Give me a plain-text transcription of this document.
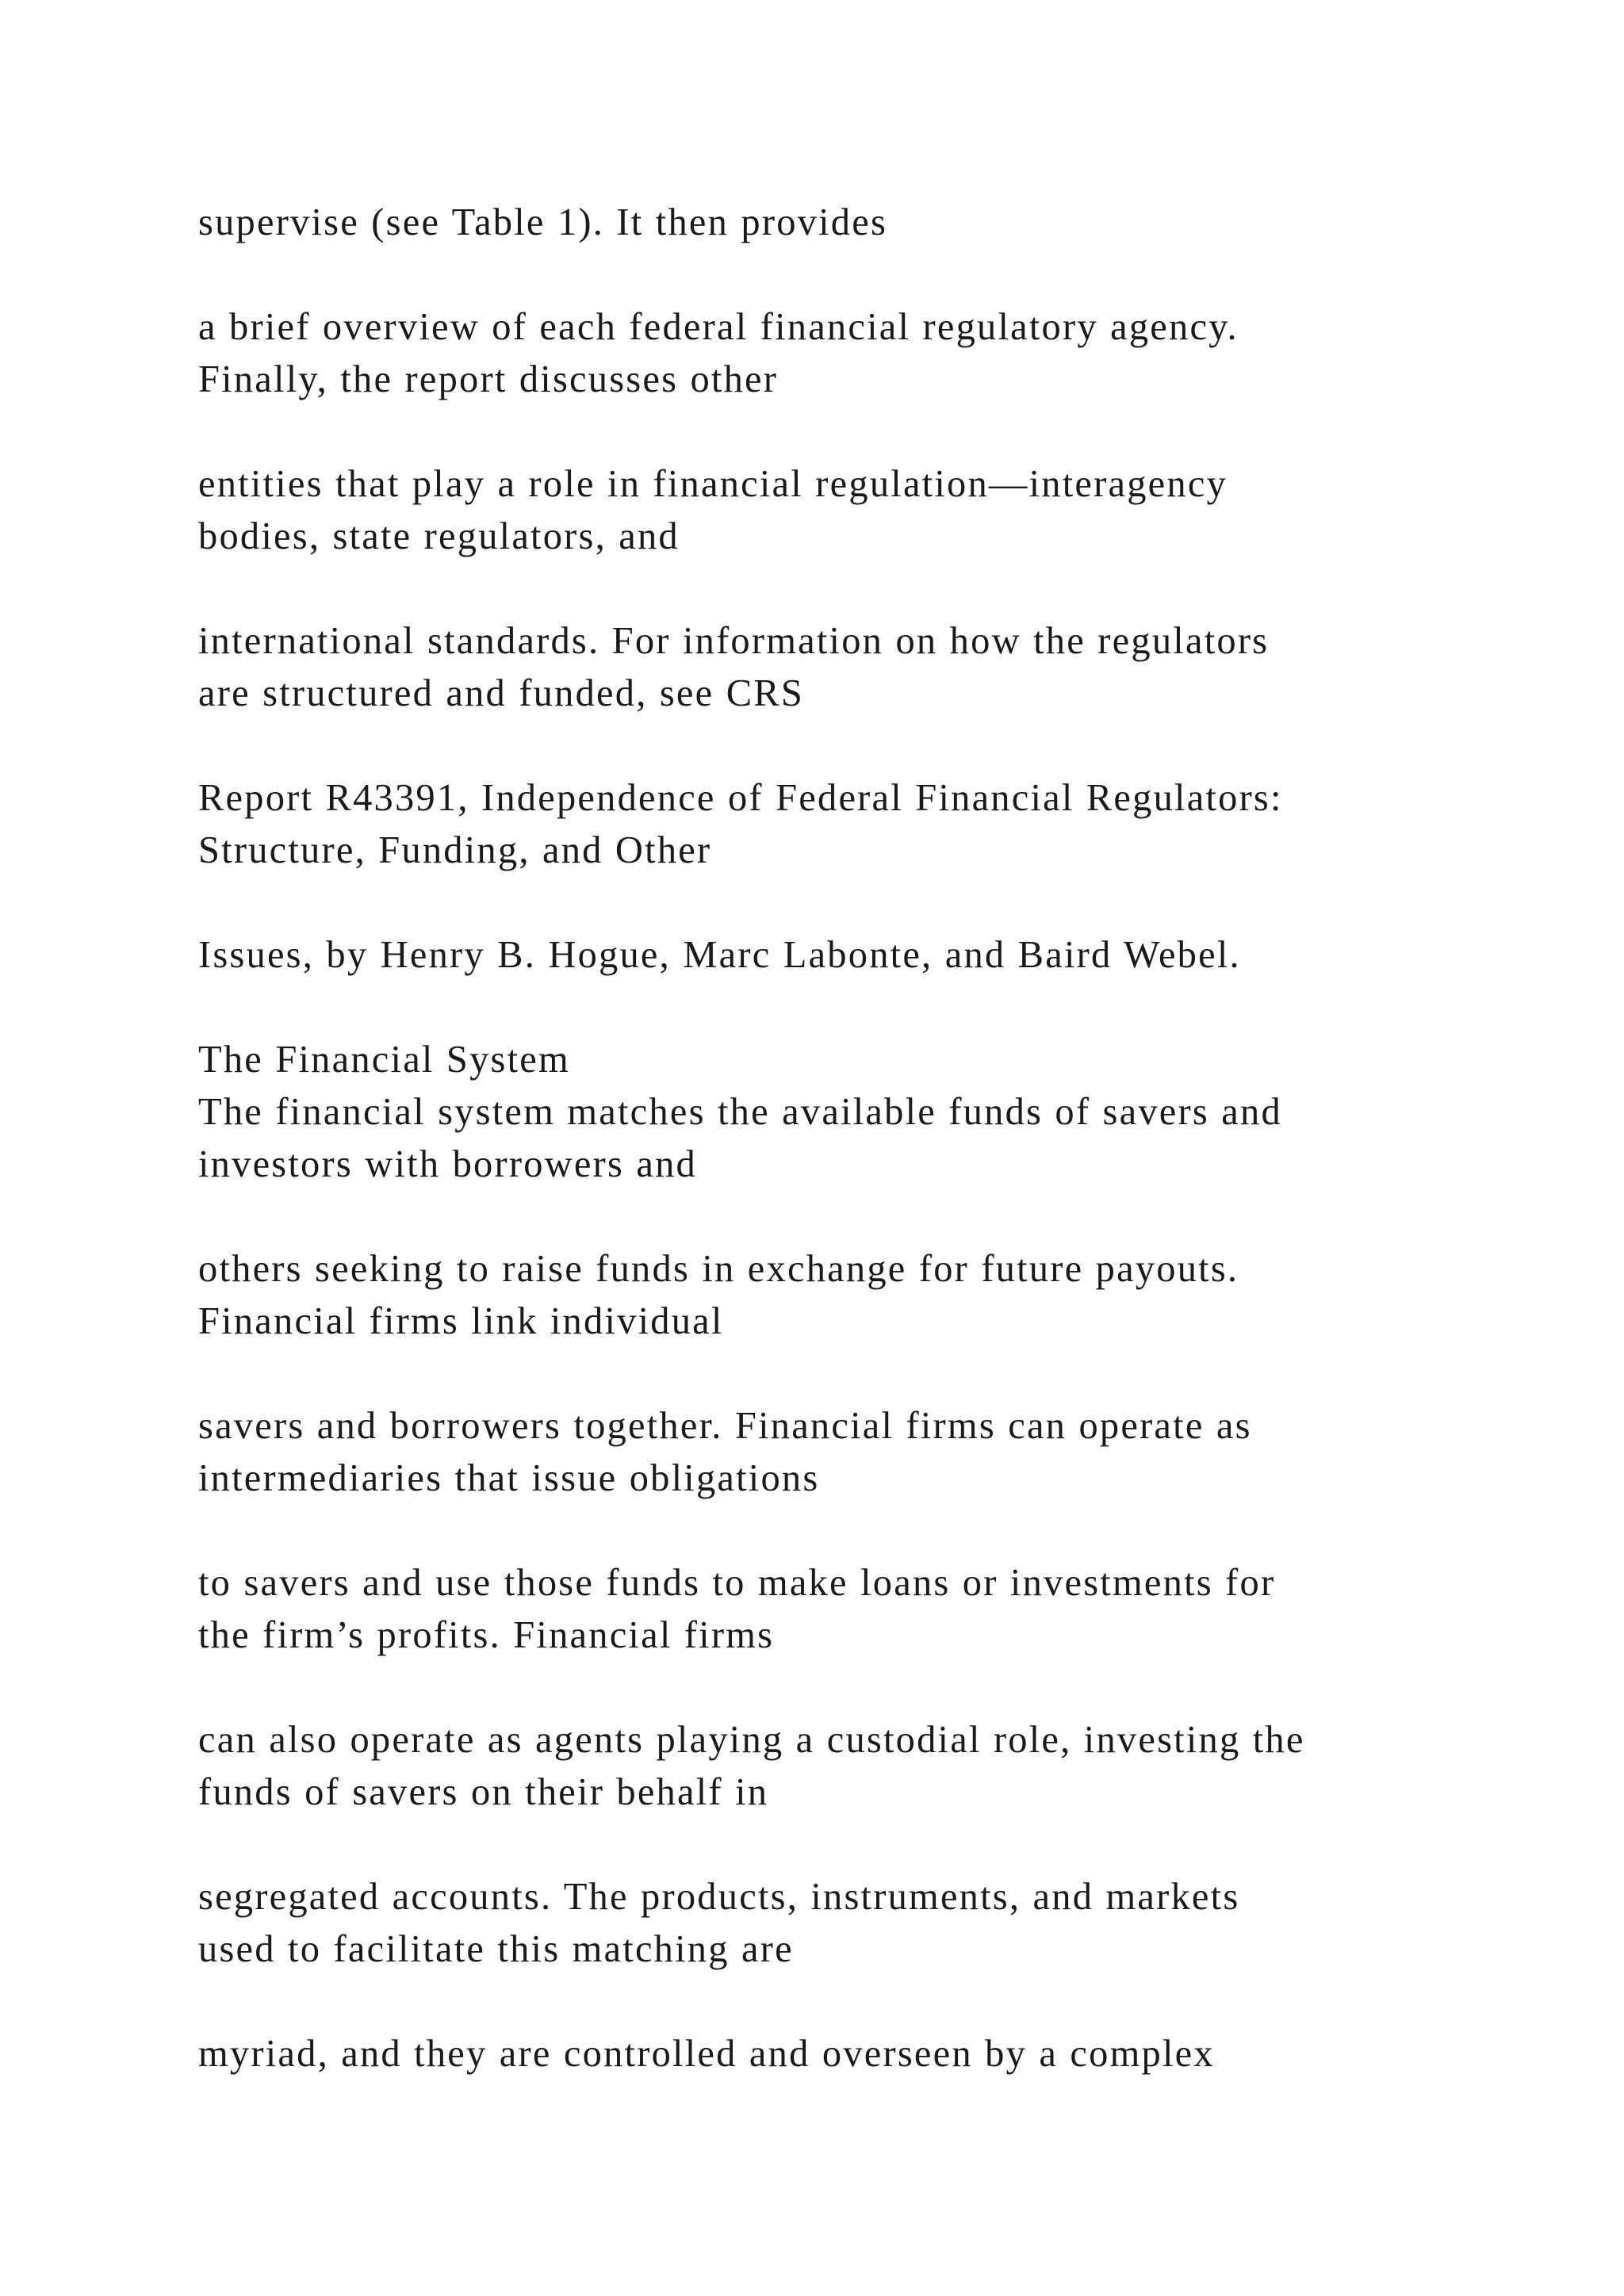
supervise (see Table 1). It then provides
a brief overview of each federal financial regulatory agency.
Finally, the report discusses other
entities that play a role in financial regulation—interagency
bodies, state regulators, and
international standards. For information on how the regulators
are structured and funded, see CRS
Report R43391, Independence of Federal Financial Regulators:
Structure, Funding, and Other
Issues, by Henry B. Hogue, Marc Labonte, and Baird Webel.
The Financial System
The financial system matches the available funds of savers and
investors with borrowers and
others seeking to raise funds in exchange for future payouts.
Financial firms link individual
savers and borrowers together. Financial firms can operate as
intermediaries that issue obligations
to savers and use those funds to make loans or investments for
the firm’s profits. Financial firms
can also operate as agents playing a custodial role, investing the
funds of savers on their behalf in
segregated accounts. The products, instruments, and markets
used to facilitate this matching are
myriad, and they are controlled and overseen by a complex
